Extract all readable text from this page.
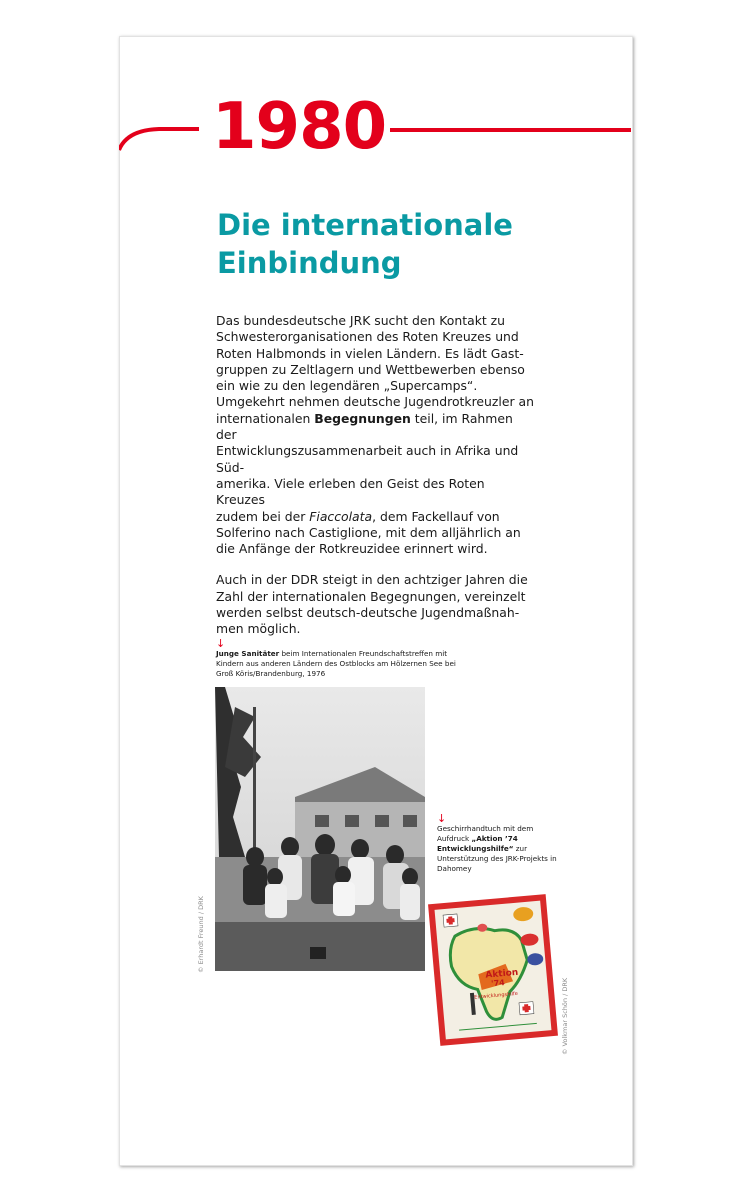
1980
Die internationale
Einbindung

Das bundesdeutsche JRK sucht den Kontakt zu
Schwesterorganisationen des Roten Kreuzes und
Roten Halbmonds in vielen Ländern. Es lädt Gast-
gruppen zu Zeltlagern und Wettbewerben ebenso
ein wie zu den legendären „Supercamps“.
Umgekehrt nehmen deutsche Jugendrotkreuzler an
internationalen Begegnungen teil, im Rahmen der
Entwicklungszusammenarbeit auch in Afrika und Süd-
amerika. Viele erleben den Geist des Roten Kreuzes
zudem bei der Fiaccolata, dem Fackellauf von
Solferino nach Castiglione, mit dem alljährlich an
die Anfänge der Rotkreuzidee erinnert wird.

Auch in der DDR steigt in den achtziger Jahren die
Zahl der internationalen Begegnungen, vereinzelt
werden selbst deutsch-deutsche Jugendmaßnah-
men möglich.

↓
Junge Sanitäter beim Internationalen Freundschaftstreffen mit Kindern aus anderen Ländern des Ostblocks am Hölzernen See bei Groß Köris/Brandenburg, 1976
© Erhardt Freund / DRK
↓
Geschirrhandtuch mit dem Aufdruck „Aktion ’74 Entwicklungshilfe“ zur Unterstützung des JRK-Projekts in Dahomey
Aktion
'74
Entwicklungshilfe	© Volkmar Schön / DRK
